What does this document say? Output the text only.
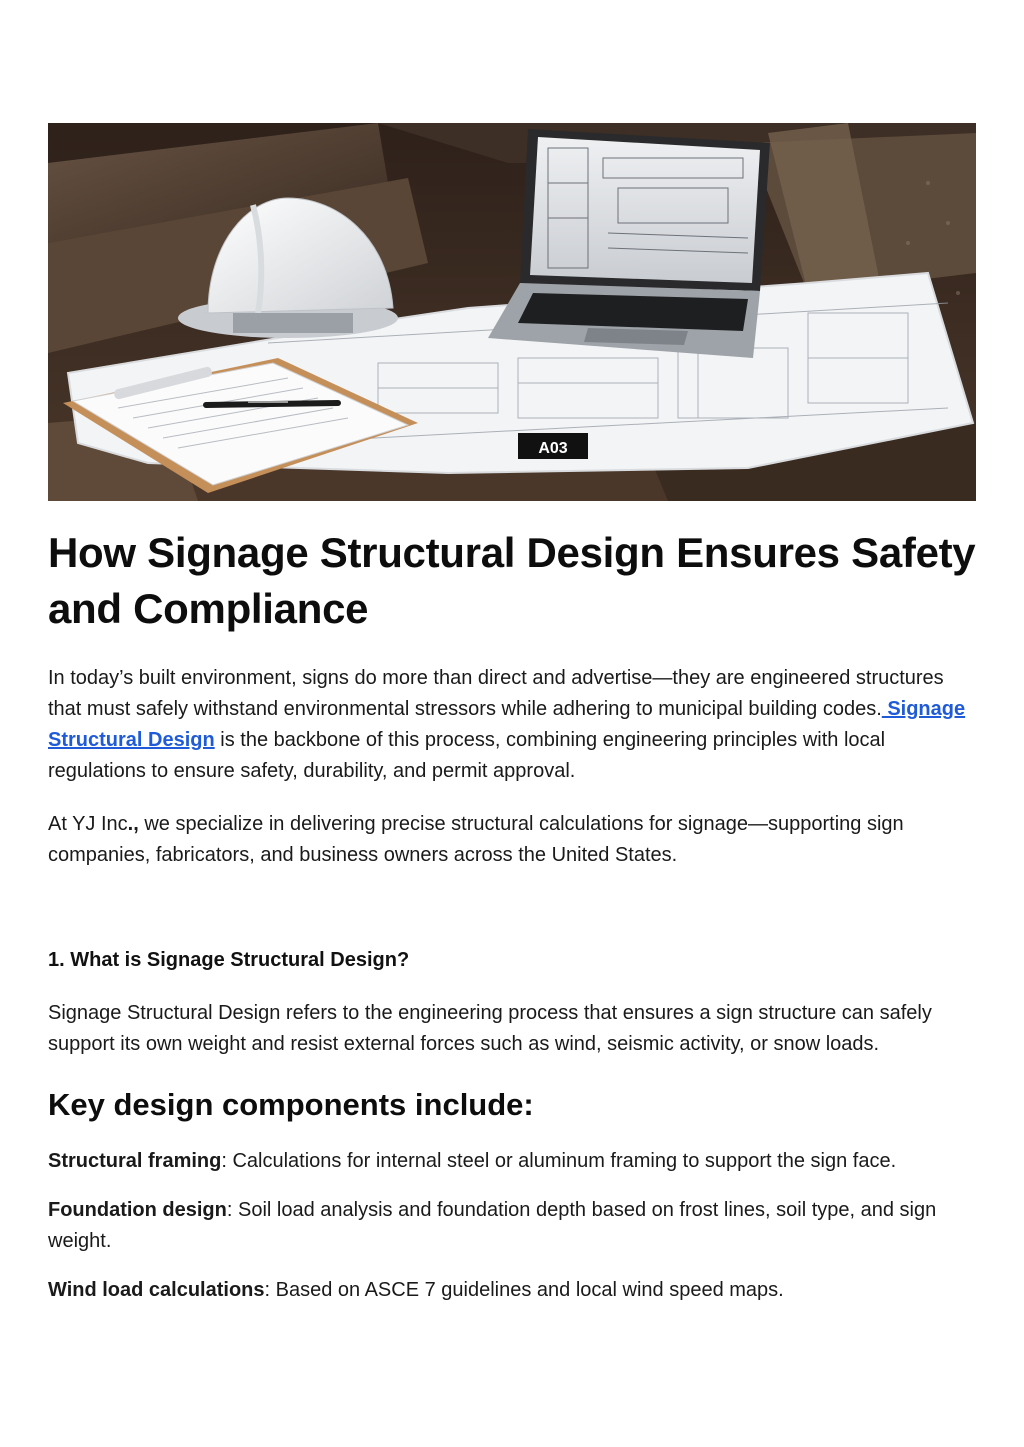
A03
How Signage Structural Design Ensures Safety and Compliance

In today’s built environment, signs do more than direct and advertise—they are engineered structures that must safely withstand environmental stressors while adhering to municipal building codes. Signage Structural Design is the backbone of this process, combining engineering principles with local regulations to ensure safety, durability, and permit approval.

At YJ Inc., we specialize in delivering precise structural calculations for signage—supporting sign companies, fabricators, and business owners across the United States.

1. What is Signage Structural Design?

Signage Structural Design refers to the engineering process that ensures a sign structure can safely support its own weight and resist external forces such as wind, seismic activity, or snow loads.

Key design components include:

Structural framing: Calculations for internal steel or aluminum framing to support the sign face.

Foundation design: Soil load analysis and foundation depth based on frost lines, soil type, and sign weight.

Wind load calculations: Based on ASCE 7 guidelines and local wind speed maps.
